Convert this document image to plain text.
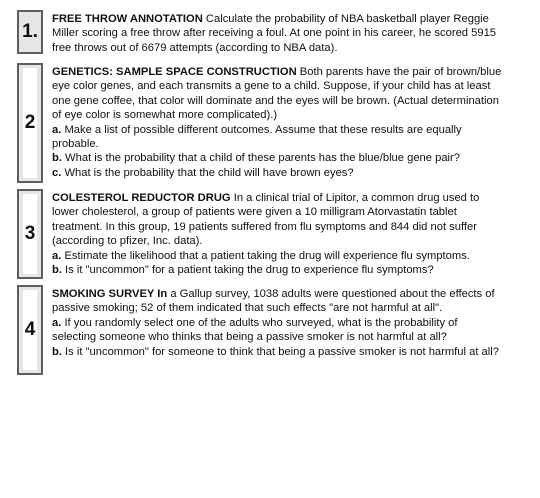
1.

FREE THROW ANNOTATION Calculate the probability of NBA basketball player Reggie Miller scoring a free throw after receiving a foul. At one point in his career, he scored 5915 free throws out of 6679 attempts (according to NBA data).

2

GENETICS: SAMPLE SPACE CONSTRUCTION Both parents have the pair of brown/blue eye color genes, and each transmits a gene to a child. Suppose, if your child has at least one gene coffee, that color will dominate and the eyes will be brown. (Actual determination of eye color is somewhat more complicated).)

a. Make a list of possible different outcomes. Assume that these results are equally probable.

b. What is the probability that a child of these parents has the blue/blue gene pair?

c. What is the probability that the child will have brown eyes?

3

COLESTEROL REDUCTOR DRUG In a clinical trial of Lipitor, a common drug used to lower cholesterol, a group of patients were given a 10 milligram Atorvastatin tablet treatment. In this group, 19 patients suffered from flu symptoms and 844 did not suffer (according to pfizer, Inc. data).

a. Estimate the likelihood that a patient taking the drug will experience flu symptoms.

b. Is it "uncommon" for a patient taking the drug to experience flu symptoms?

4

SMOKING SURVEY In a Gallup survey, 1038 adults were questioned about the effects of passive smoking; 52 of them indicated that such effects "are not harmful at all".

a. If you randomly select one of the adults who surveyed, what is the probability of selecting someone who thinks that being a passive smoker is not harmful at all?

b. Is it "uncommon" for someone to think that being a passive smoker is not harmful at all?
